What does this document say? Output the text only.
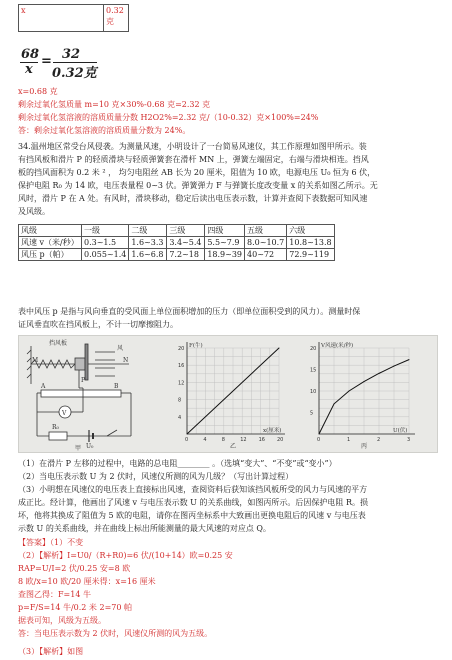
x	0.32
克
68
x
= 32
0.32克
x=0.68 克
剩余过氧化氢质量 m=10 克×30%-0.68 克=2.32 克
剩余过氧化氢溶液的溶质质量分数 H2O2%=2.32 克/（10-0.32）克×100%=24%
答：剩余过氧化氢溶液的溶质质量分数为 24%。
34.温州地区常受台风侵袭。为测量风速，小明设计了一台简易风速仪，其工作原理如图甲所示。装
有挡风板和滑片 P 的轻质滑块与轻质弹簧套在滑杆 MN 上，弹簧左端固定，右端与滑块相连。挡风
板的挡风面积为 0.2 米 ² ， 均匀电阻丝 AB 长为 20 厘米，阻值为 10 欧，电源电压 U₀ 恒为 6 伏，
保护电阻 R₀ 为 14 欧，电压表量程 0~3 伏。弹簧弹力 F 与弹簧长度改变量 x 的关系如图乙所示。无
风时，滑片 P 在 A 处。有风时，滑块移动，稳定后读出电压表示数，计算并查阅下表数据可知风速
及风级。
风级	一级	二级	三级	四级	五级	六级
风速 v（米/秒）	0.3~1.5	1.6~3.3	3.4~5.4	5.5~7.9	8.0~10.7	10.8~13.8
风压 p（帕）	0.055~1.4	1.6~6.8	7.2~18	18.9~39	40~72	72.9~119
表中风压 p 是指与风向垂直的受风面上单位面积增加的压力（即单位面积受到的风力）。测量时保
证风垂直吹在挡风板上，不计一切摩擦阻力。
挡风板
M	N
P
A	B
V
R₀
U₀
风
甲
0	4	8	12 16 20
4
8
12
16
20 F(牛)
x(厘米)
乙
0	1	2	3
5
10
15
20 V风速(米/秒)
U(伏)
丙
（1）在滑片 P 左移的过程中，电路的总电阻________ 。（选填“变大”、“不变”或“变小”）
（2）当电压表示数 U 为 2 伏时，风速仪所测的风为几级？（写出计算过程）
（3）小明想在风速仪的电压表上直接标出风速，查阅资料后获知该挡风板所受的风力与风速的平方
成正比。经计算，他画出了风速 v 与电压表示数 U 的关系曲线，如图丙所示。后因保护电阻 R。损
坏，他将其换成了阻值为 5 欧的电阻，请你在图丙坐标系中大致画出更换电阻后的风速 v 与电压表
示数 U 的关系曲线，并在曲线上标出所能测量的最大风速的对应点 Q。
【答案】（1）不变
（2）【解析】I=U0/（R+R0)=6 伏/(10+14）欧=0.25 安
RAP=U/I=2 伏/0.25 安=8 欧
8 欧/x=10 欧/20 厘米得：x=16 厘米
查图乙得：F=14 牛
p=F/S=14 牛/0.2 米 2=70 帕
据表可知，风级为五级。
答：当电压表示数为 2 伏时，风速仪所测的风为五级。
（3）【解析】如图
